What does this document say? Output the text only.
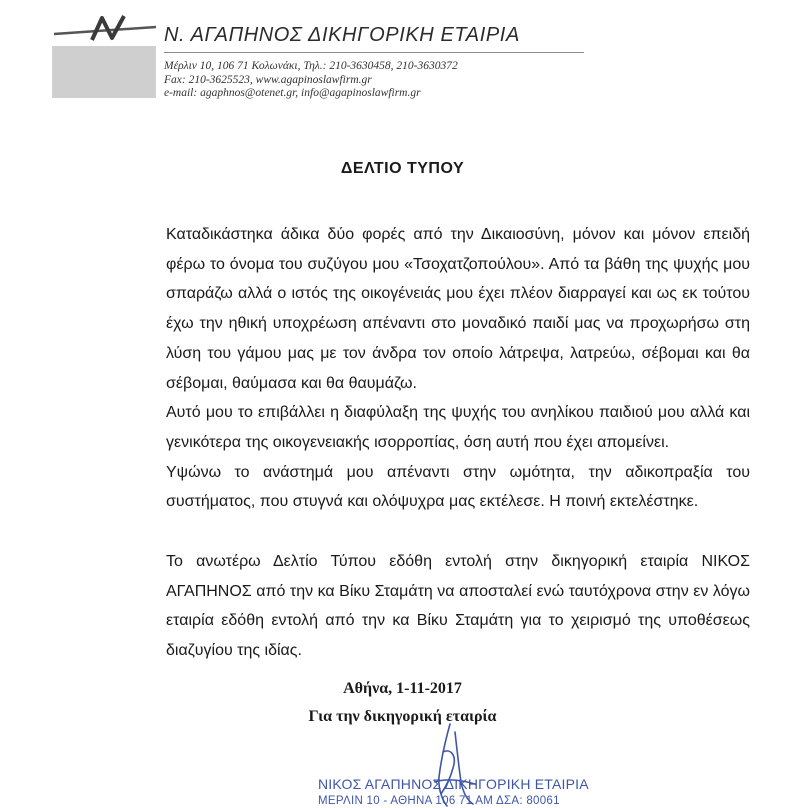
Ν. ΑΓΑΠΗΝΟΣ ΔΙΚΗΓΟΡΙΚΗ ΕΤΑΙΡΙΑ
Μέρλιν 10, 106 71 Κολωνάκι, Τηλ.: 210-3630458, 210-3630372
Fax: 210-3625523, www.agapinoslawfirm.gr
e-mail: agaphnos@otenet.gr, info@agapinoslawfirm.gr
ΔΕΛΤΙΟ ΤΥΠΟΥ

Καταδικάστηκα άδικα δύο φορές από την Δικαιοσύνη, μόνον και μόνον επειδή φέρω το όνομα του συζύγου μου «Τσοχατζοπούλου». Από τα βάθη της ψυχής μου σπαράζω αλλά ο ιστός της οικογένειάς μου έχει πλέον διαρραγεί και ως εκ τούτου έχω την ηθική υποχρέωση απέναντι στο μοναδικό παιδί μας να προχωρήσω στη λύση του γάμου μας με τον άνδρα τον οποίο λάτρεψα, λατρεύω, σέβομαι και θα σέβομαι, θαύμασα και θα θαυμάζω.

Αυτό μου το επιβάλλει η διαφύλαξη της ψυχής του ανηλίκου παιδιού μου αλλά και γενικότερα της οικογενειακής ισορροπίας, όση αυτή που έχει απομείνει.

Υψώνω το ανάστημά μου απέναντι στην ωμότητα, την αδικοπραξία του συστήματος, που στυγνά και ολόψυχρα μας εκτέλεσε. Η ποινή εκτελέστηκε.

Το ανωτέρω Δελτίο Τύπου εδόθη εντολή στην δικηγορική εταιρία ΝΙΚΟΣ ΑΓΑΠΗΝΟΣ από την κα Βίκυ Σταμάτη να αποσταλεί ενώ ταυτόχρονα στην εν λόγω εταιρία εδόθη εντολή από την κα Βίκυ Σταμάτη για το χειρισμό της υποθέσεως διαζυγίου της ιδίας.

Αθήνα, 1-11-2017
Για την δικηγορική εταιρία
ΝΙΚΟΣ ΑΓΑΠΗΝΟΣ ΔΙΚΗΓΟΡΙΚΗ ΕΤΑΙΡΙΑ
ΜΕΡΛΙΝ 10 - ΑΘΗΝΑ 106 71 ΑΜ ΔΣΑ: 80061
